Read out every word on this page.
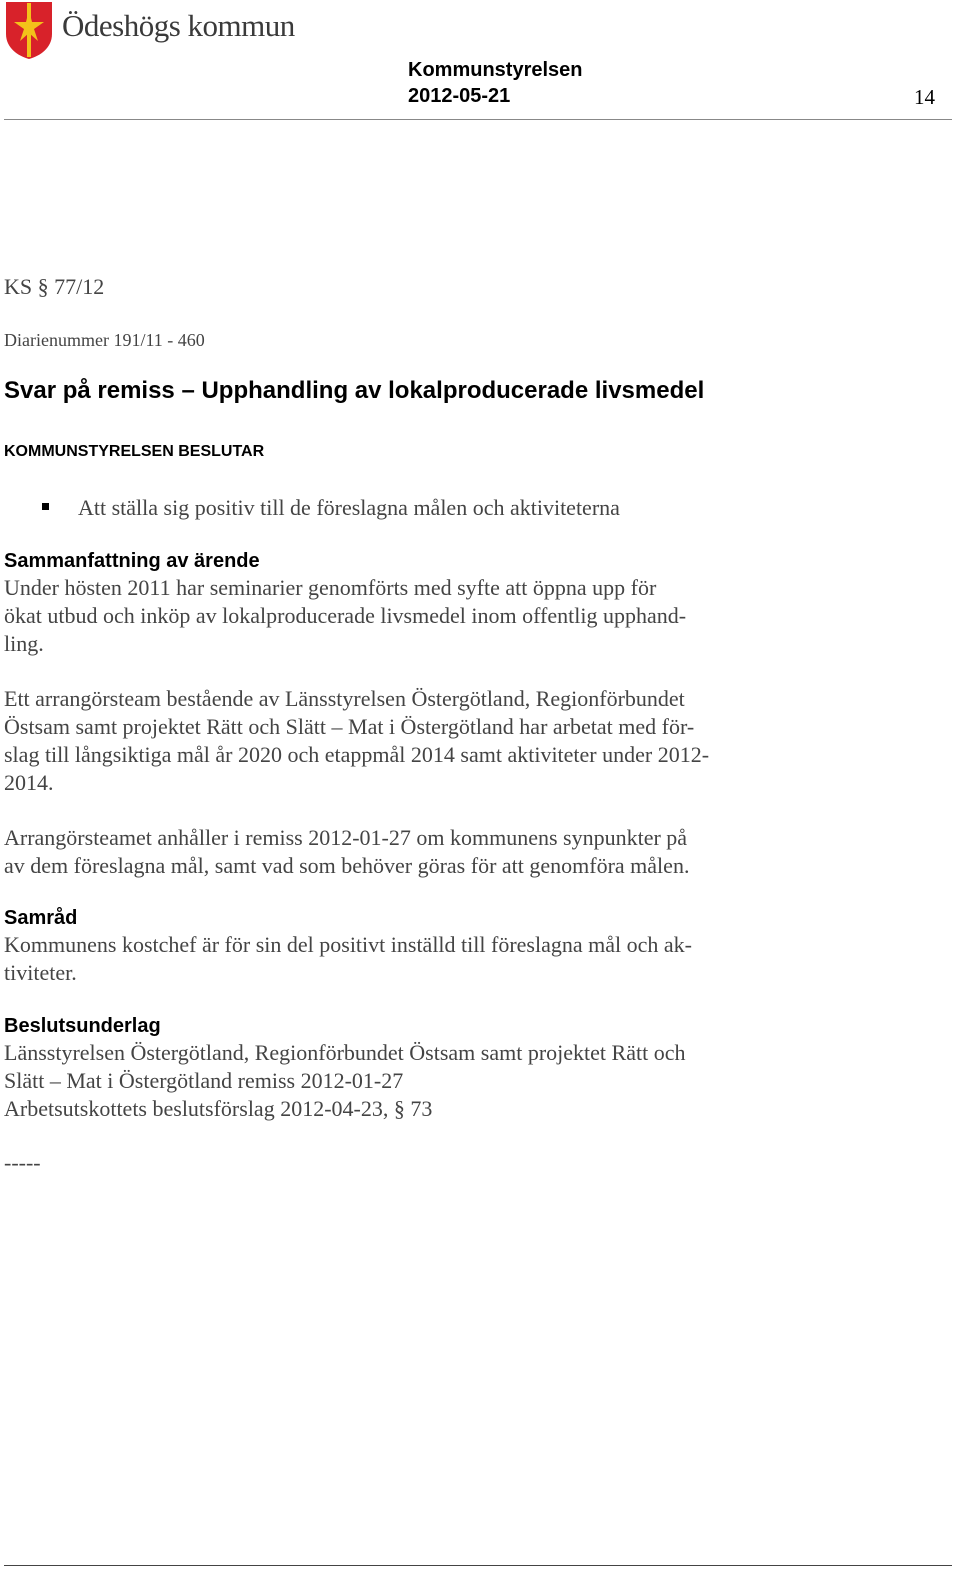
Ödeshögs kommun
Kommunstyrelsen
2012-05-21	14
KS § 77/12
Diarienummer 191/11 - 460
Svar på remiss – Upphandling av lokalproducerade livsmedel
KOMMUNSTYRELSEN BESLUTAR
Att ställa sig positiv till de föreslagna målen och aktiviteterna
Sammanfattning av ärende

Under hösten 2011 har seminarier genomförts med syfte att öppna upp för

ökat utbud och inköp av lokalproducerade livsmedel inom offentlig upphand-

ling.

Ett arrangörsteam bestående av Länsstyrelsen Östergötland, Regionförbundet

Östsam samt projektet Rätt och Slätt – Mat i Östergötland har arbetat med för-

slag till långsiktiga mål år 2020 och etappmål 2014 samt aktiviteter under 2012-

2014.

Arrangörsteamet anhåller i remiss 2012-01-27 om kommunens synpunkter på

av dem föreslagna mål, samt vad som behöver göras för att genomföra målen.

Samråd

Kommunens kostchef är för sin del positivt inställd till föreslagna mål och ak-

tiviteter.

Beslutsunderlag

Länsstyrelsen Östergötland, Regionförbundet Östsam samt projektet Rätt och

Slätt – Mat i Östergötland remiss 2012-01-27

Arbetsutskottets beslutsförslag 2012-04-23, § 73

-----
